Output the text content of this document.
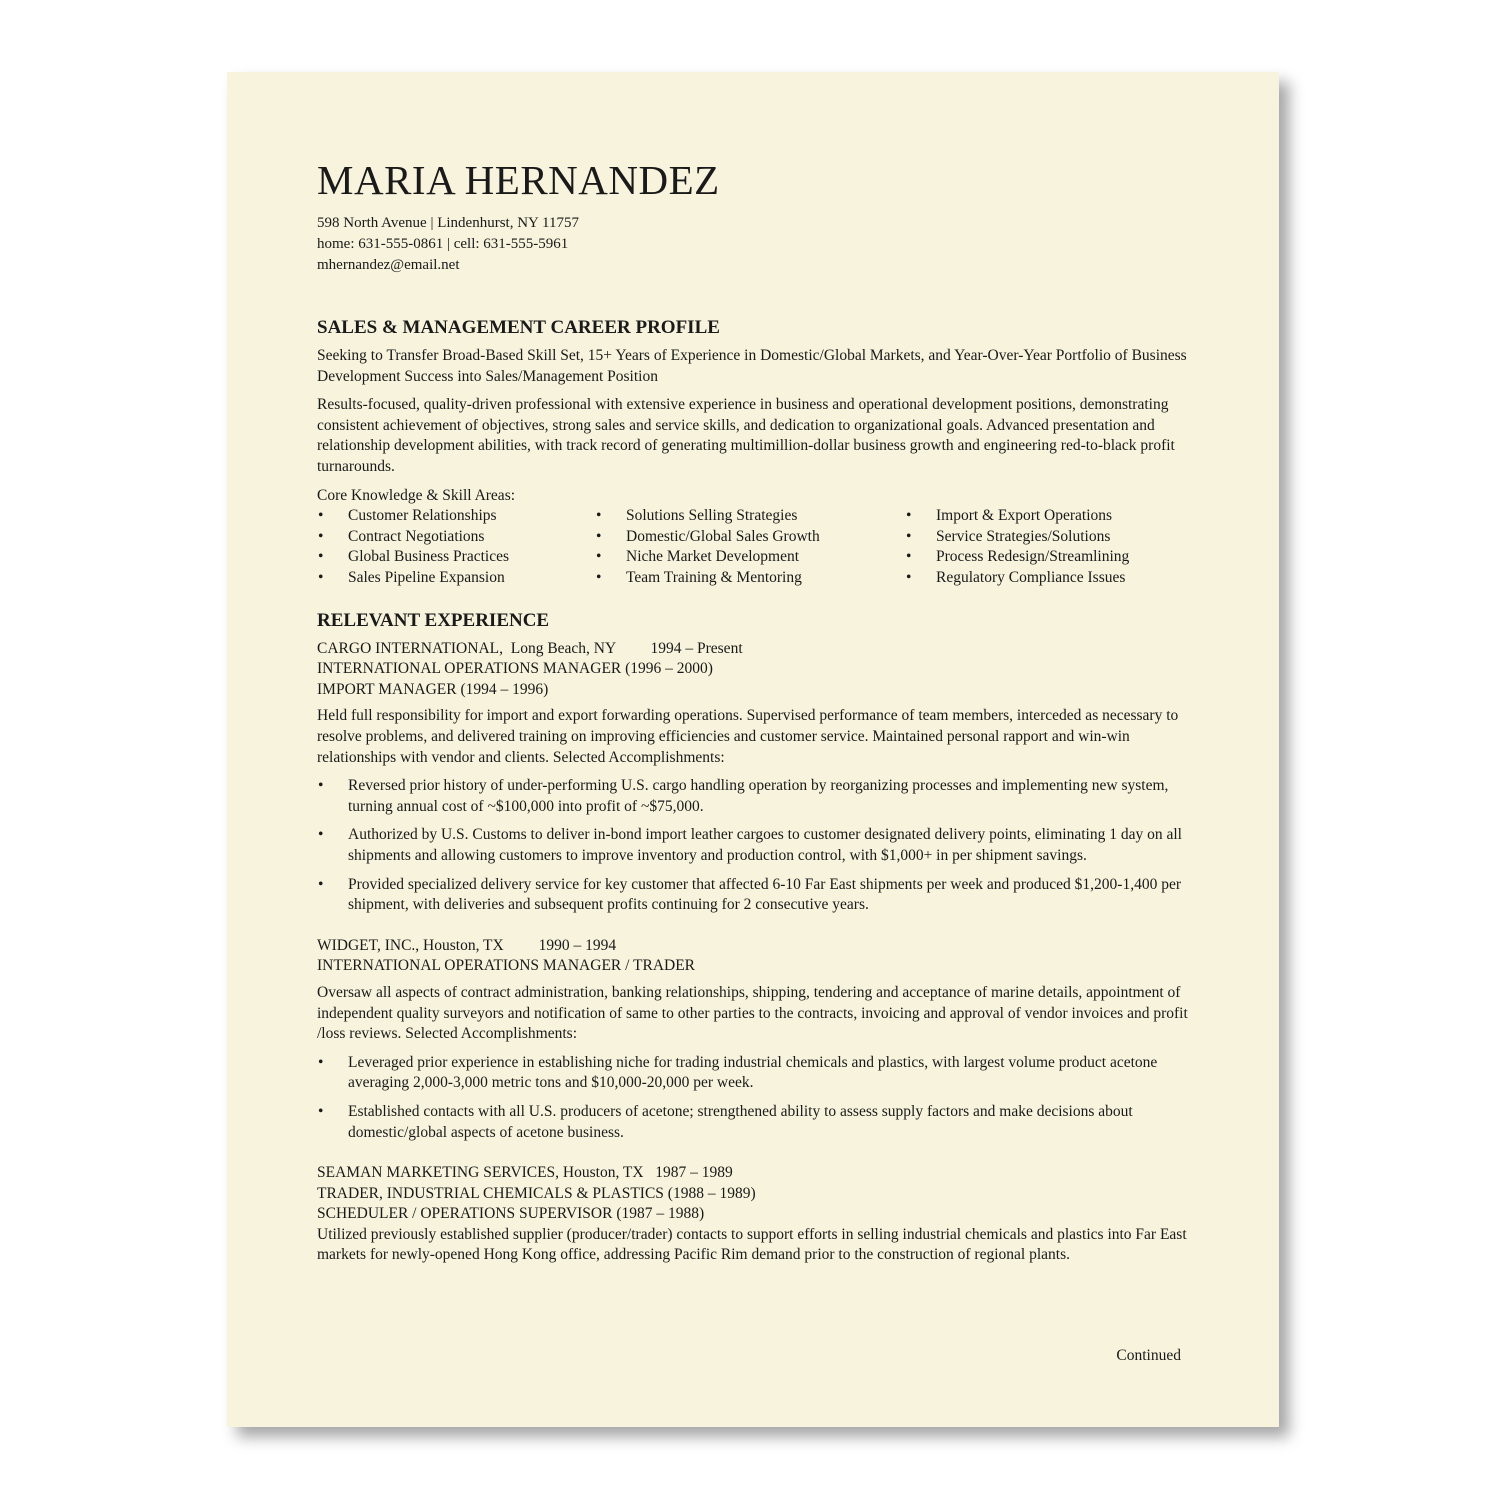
MARIA HERNANDEZ
598 North Avenue | Lindenhurst, NY 11757
home: 631-555-0861 | cell: 631-555-5961
mhernandez@email.net
SALES & MANAGEMENT CAREER PROFILE

Seeking to Transfer Broad-Based Skill Set, 15+ Years of Experience in Domestic/Global Markets, and Year-Over-Year Portfolio of Business Development Success into Sales/Management Position

Results-focused, quality-driven professional with extensive experience in business and operational development positions, demonstrating consistent achievement of objectives, strong sales and service skills, and dedication to organizational goals. Advanced presentation and relationship development abilities, with track record of generating multimillion-dollar business growth and engineering red-to-black profit turnarounds.

Core Knowledge & Skill Areas:
• Customer Relationships
• Contract Negotiations
• Global Business Practices
• Sales Pipeline Expansion
• Solutions Selling Strategies
• Domestic/Global Sales Growth
• Niche Market Development
• Team Training & Mentoring
• Import & Export Operations
• Service Strategies/Solutions
• Process Redesign/Streamlining
• Regulatory Compliance Issues
RELEVANT EXPERIENCE
CARGO INTERNATIONAL,  Long Beach, NY         1994 – Present
INTERNATIONAL OPERATIONS MANAGER (1996 – 2000)
IMPORT MANAGER (1994 – 1996)

Held full responsibility for import and export forwarding operations. Supervised performance of team members, interceded as necessary to resolve problems, and delivered training on improving efficiencies and customer service. Maintained personal rapport and win-win relationships with vendor and clients. Selected Accomplishments:

• Reversed prior history of under-performing U.S. cargo handling operation by reorganizing processes and implementing new system, turning annual cost of ~$100,000 into profit of ~$75,000.
• Authorized by U.S. Customs to deliver in-bond import leather cargoes to customer designated delivery points, eliminating 1 day on all shipments and allowing customers to improve inventory and production control, with $1,000+ in per shipment savings.
• Provided specialized delivery service for key customer that affected 6-10 Far East shipments per week and produced $1,200-1,400 per shipment, with deliveries and subsequent profits continuing for 2 consecutive years.
WIDGET, INC., Houston, TX         1990 – 1994
INTERNATIONAL OPERATIONS MANAGER / TRADER

Oversaw all aspects of contract administration, banking relationships, shipping, tendering and acceptance of marine details, appointment of independent quality surveyors and notification of same to other parties to the contracts, invoicing and approval of vendor invoices and profit /loss reviews. Selected Accomplishments:

• Leveraged prior experience in establishing niche for trading industrial chemicals and plastics, with largest volume product acetone averaging 2,000-3,000 metric tons and $10,000-20,000 per week.
• Established contacts with all U.S. producers of acetone; strengthened ability to assess supply factors and make decisions about domestic/global aspects of acetone business.
SEAMAN MARKETING SERVICES, Houston, TX   1987 – 1989
TRADER, INDUSTRIAL CHEMICALS & PLASTICS (1988 – 1989)
SCHEDULER / OPERATIONS SUPERVISOR (1987 – 1988)

Utilized previously established supplier (producer/trader) contacts to support efforts in selling industrial chemicals and plastics into Far East markets for newly-opened Hong Kong office, addressing Pacific Rim demand prior to the construction of regional plants.

Continued
